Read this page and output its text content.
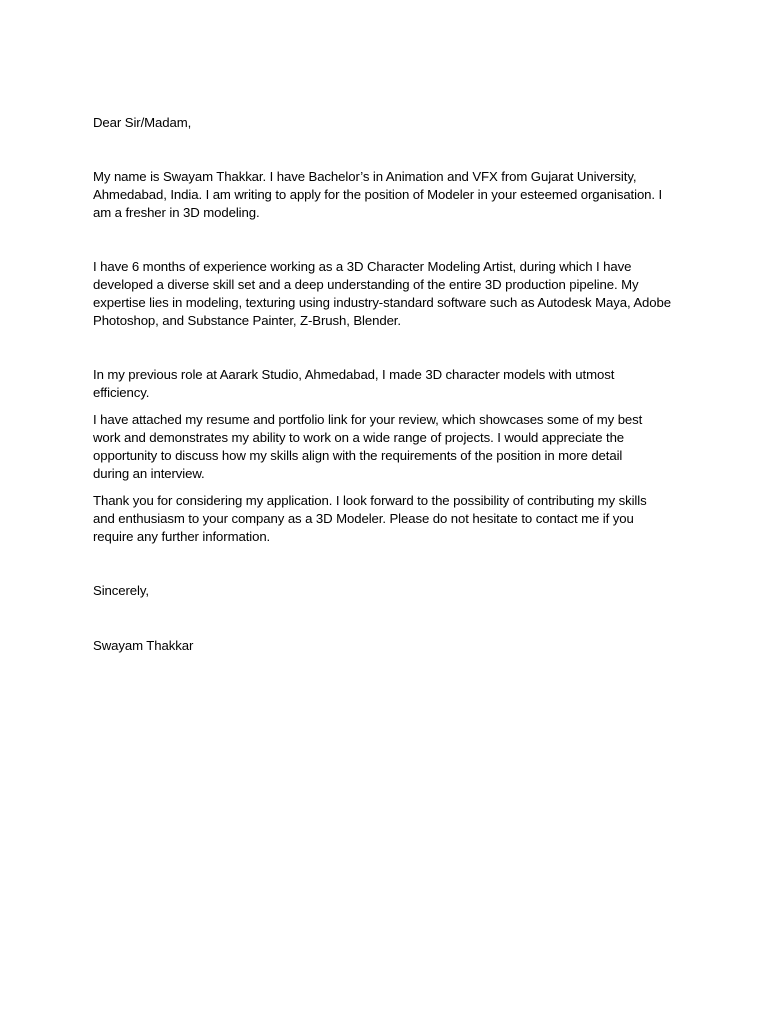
Dear Sir/Madam,

My name is Swayam Thakkar. I have Bachelor’s in Animation and VFX from Gujarat University,
Ahmedabad, India. I am writing to apply for the position of Modeler in your esteemed organisation. I
am a fresher in 3D modeling.

I have 6 months of experience working as a 3D Character Modeling Artist, during which I have
developed a diverse skill set and a deep understanding of the entire 3D production pipeline. My
expertise lies in modeling, texturing using industry-standard software such as Autodesk Maya, Adobe
Photoshop, and Substance Painter, Z-Brush, Blender.

In my previous role at Aarark Studio, Ahmedabad, I made 3D character models with utmost
efficiency.

I have attached my resume and portfolio link for your review, which showcases some of my best
work and demonstrates my ability to work on a wide range of projects. I would appreciate the
opportunity to discuss how my skills align with the requirements of the position in more detail
during an interview.

Thank you for considering my application. I look forward to the possibility of contributing my skills
and enthusiasm to your company as a 3D Modeler. Please do not hesitate to contact me if you
require any further information.

Sincerely,

Swayam Thakkar
